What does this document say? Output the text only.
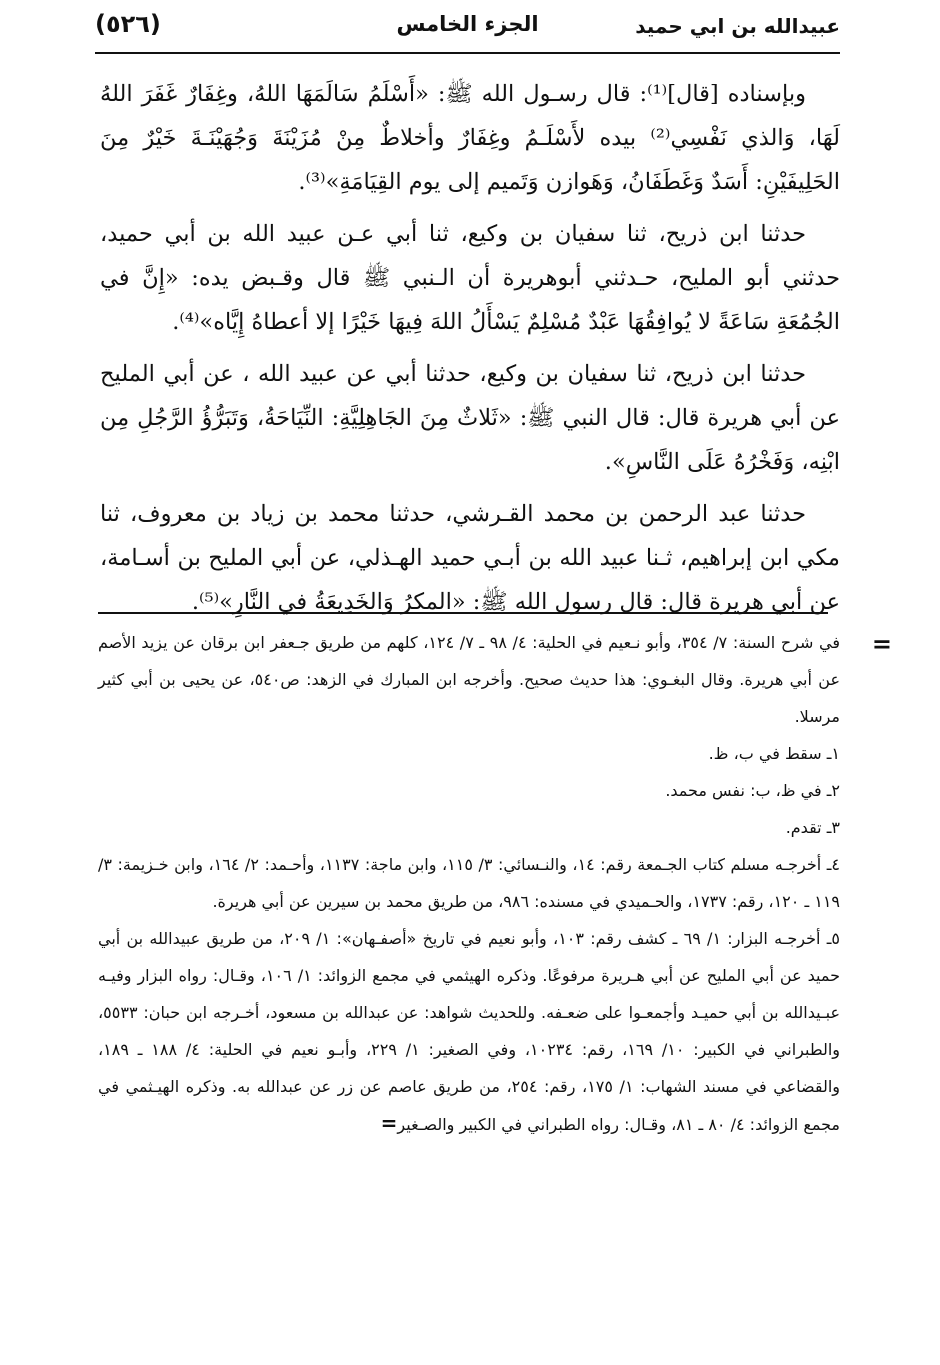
عبيدالله بن ابي حميد
الجزء الخامس
(٥٢٦)

وبإسناده [قال]⁽¹⁾: قال رسـول الله ﷺ: «أَسْلَمُ سَالَمَهَا اللهُ، وغِفَارٌ غَفَرَ اللهُ لَهَا، وَالذي نَفْسِي⁽²⁾ بيده لأَسْلَـمُ وغِفَارٌ وأخلاطٌ مِنْ مُزَيْنَةَ وَجُهَيْنَـةَ خَيْرٌ مِنَ الحَلِيفَيْنِ: أَسَدٌ وَغَطَفَانُ، وَهَوازن وَتَميم إلى يوم القِيَامَةِ»⁽³⁾.

حدثنا ابن ذريح، ثنا سفيان بن وكيع، ثنا أبي عـن عبيد الله بن أبي حميد، حدثني أبو المليح، حـدثني أبوهريرة أن الـنبي ﷺ قال وقـبض يده: «إِنَّ في الجُمُعَةِ سَاعَةً لا يُوافِقُهَا عَبْدٌ مُسْلِمٌ يَسْأَلُ اللهَ فِيهَا خَيْرًا إلا أعطاهُ إِيَّاه»⁽⁴⁾.

حدثنا ابن ذريح، ثنا سفيان بن وكيع، حدثنا أبي عن عبيد الله ، عن أبي المليح عن أبي هريرة قال: قال النبي ﷺ: «ثَلاثٌ مِنَ الجَاهِلِيَّةِ: النِّيَاحَةُ، وَتَبَرُّؤُ الرَّجُلِ مِن ابْنِه، وَفَخْرُهُ عَلَى النَّاسِ».

حدثنا عبد الرحمن بن محمد القـرشي، حدثنا محمد بن زياد بن معروف، ثنا مكي ابن إبراهيم، ثـنا عبيد الله بن أبـي حميد الهـذلي، عن أبي المليح بن أسـامة، عن أبي هريرة قال: قال رسول الله ﷺ: «المكرُ وَالخَدِيعَةُ في النَّارِ»⁽⁵⁾.

=

في شرح السنة: ٧/ ٣٥٤، وأبو نـعيم في الحلية: ٤/ ٩٨ ـ ٧/ ١٢٤، كلهم من طريق جـعفر ابن برقان عن يزيد الأصم عن أبي هريرة. وقال البغـوي: هذا حديث صحيح. وأخرجه ابن المبارك في الزهد: ص٥٤٠، عن يحيى بن أبي كثير مرسلا.

١ـ سقط في ب، ظ.

٢ـ في ظ، ب: نفس محمد.

٣ـ تقدم.

٤ـ أخرجـه مسلم كتاب الجـمعة رقم: ١٤، والنـسائي: ٣/ ١١٥، وابن ماجة: ١١٣٧، وأحـمد: ٢/ ١٦٤، وابن خـزيمة: ٣/ ١١٩ ـ ١٢٠، رقم: ١٧٣٧، والحـميدي في مسنده: ٩٨٦، من طريق محمد بن سيرين عن أبي هريرة.

٥ـ أخرجـه البزار: ١/ ٦٩ ـ كشف رقم: ١٠٣، وأبو نعيم في تاريخ «أصفـهان»: ١/ ٢٠٩، من طريق عبيدالله بن أبي حميد عن أبي المليح عن أبي هـريرة مرفوعًا. وذكره الهيثمي في مجمع الزوائد: ١/ ١٠٦، وقـال: رواه البزار وفيـه عبـيدالله بن أبي حميـد وأجمعـوا على ضعـفه. وللحديث شواهد: عن عبدالله بن مسعود، أخـرجه ابن حبان: ٥٥٣٣، والطبراني في الكبير: ١٠/ ١٦٩، رقم: ١٠٢٣٤، وفي الصغير: ١/ ٢٢٩، وأبـو نعيم في الحلية: ٤/ ١٨٨ ـ ١٨٩، والقضاعي في مسند الشهاب: ١/ ١٧٥، رقم: ٢٥٤، من طريق عاصم عن زر عن عبدالله به. وذكره الهيـثمي في مجمع الزوائد: ٤/ ٨٠ ـ ٨١، وقـال: رواه الطبراني في الكبير والصـغير=
